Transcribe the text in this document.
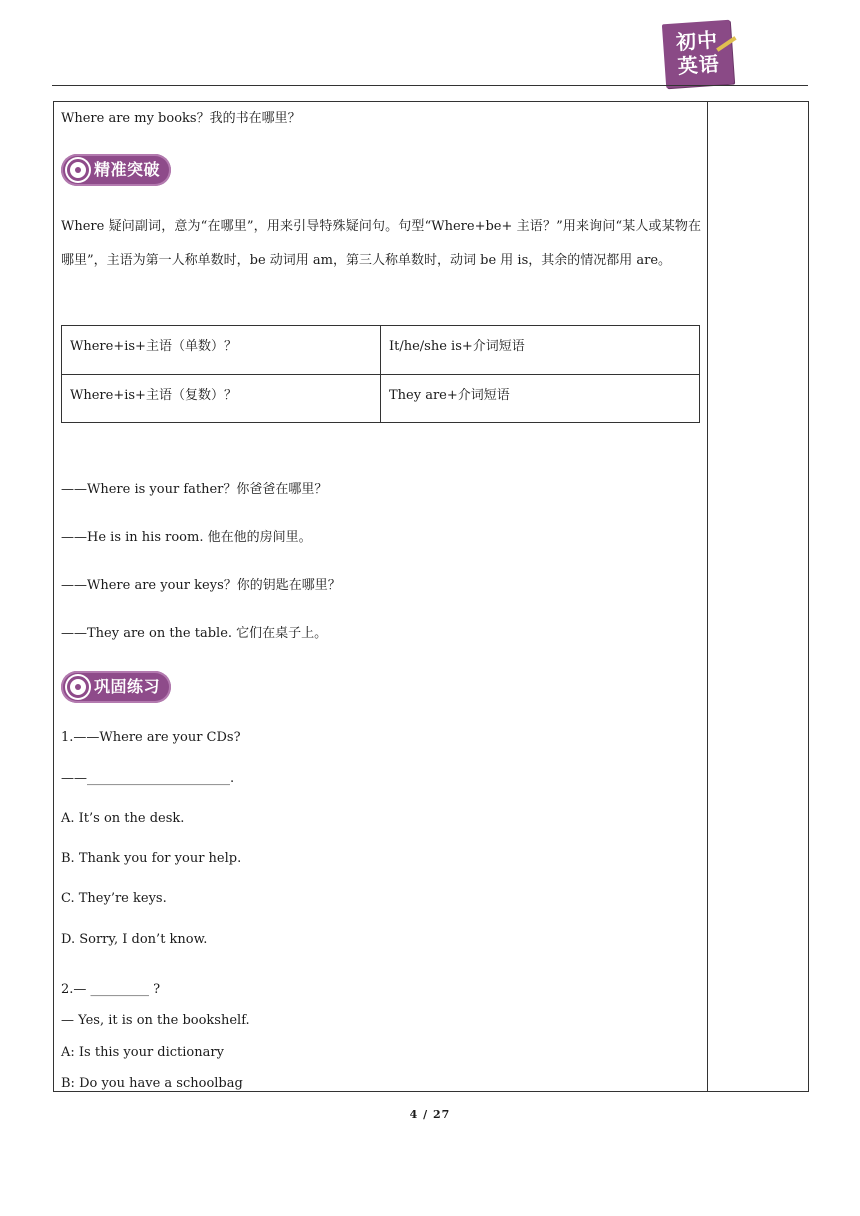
初中
英语
Where are my books？我的书在哪里？
精准突破
Where 疑问副词，意为“在哪里”，用来引导特殊疑问句。句型“Where+be+ 主语？”用来询问“某人或某物在哪里”，主语为第一人称单数时，be 动词用 am，第三人称单数时，动词 be 用 is，其余的情况都用 are。
Where+is+主语（单数）？	It/he/she is+介词短语
Where+is+主语（复数）？	They are+介词短语
——Where is your father？你爸爸在哪里？
——He is in his room. 他在他的房间里。
——Where are your keys？你的钥匙在哪里？
——They are on the table. 它们在桌子上。
巩固练习
1.——Where are your CDs?
——______________________.
A. It’s on the desk.
B. Thank you for your help.
C. They’re keys.
D. Sorry, I don’t know.
2.— _________ ?
— Yes, it is on the bookshelf.
A: Is this your dictionary
B: Do you have a schoolbag
4 / 27
